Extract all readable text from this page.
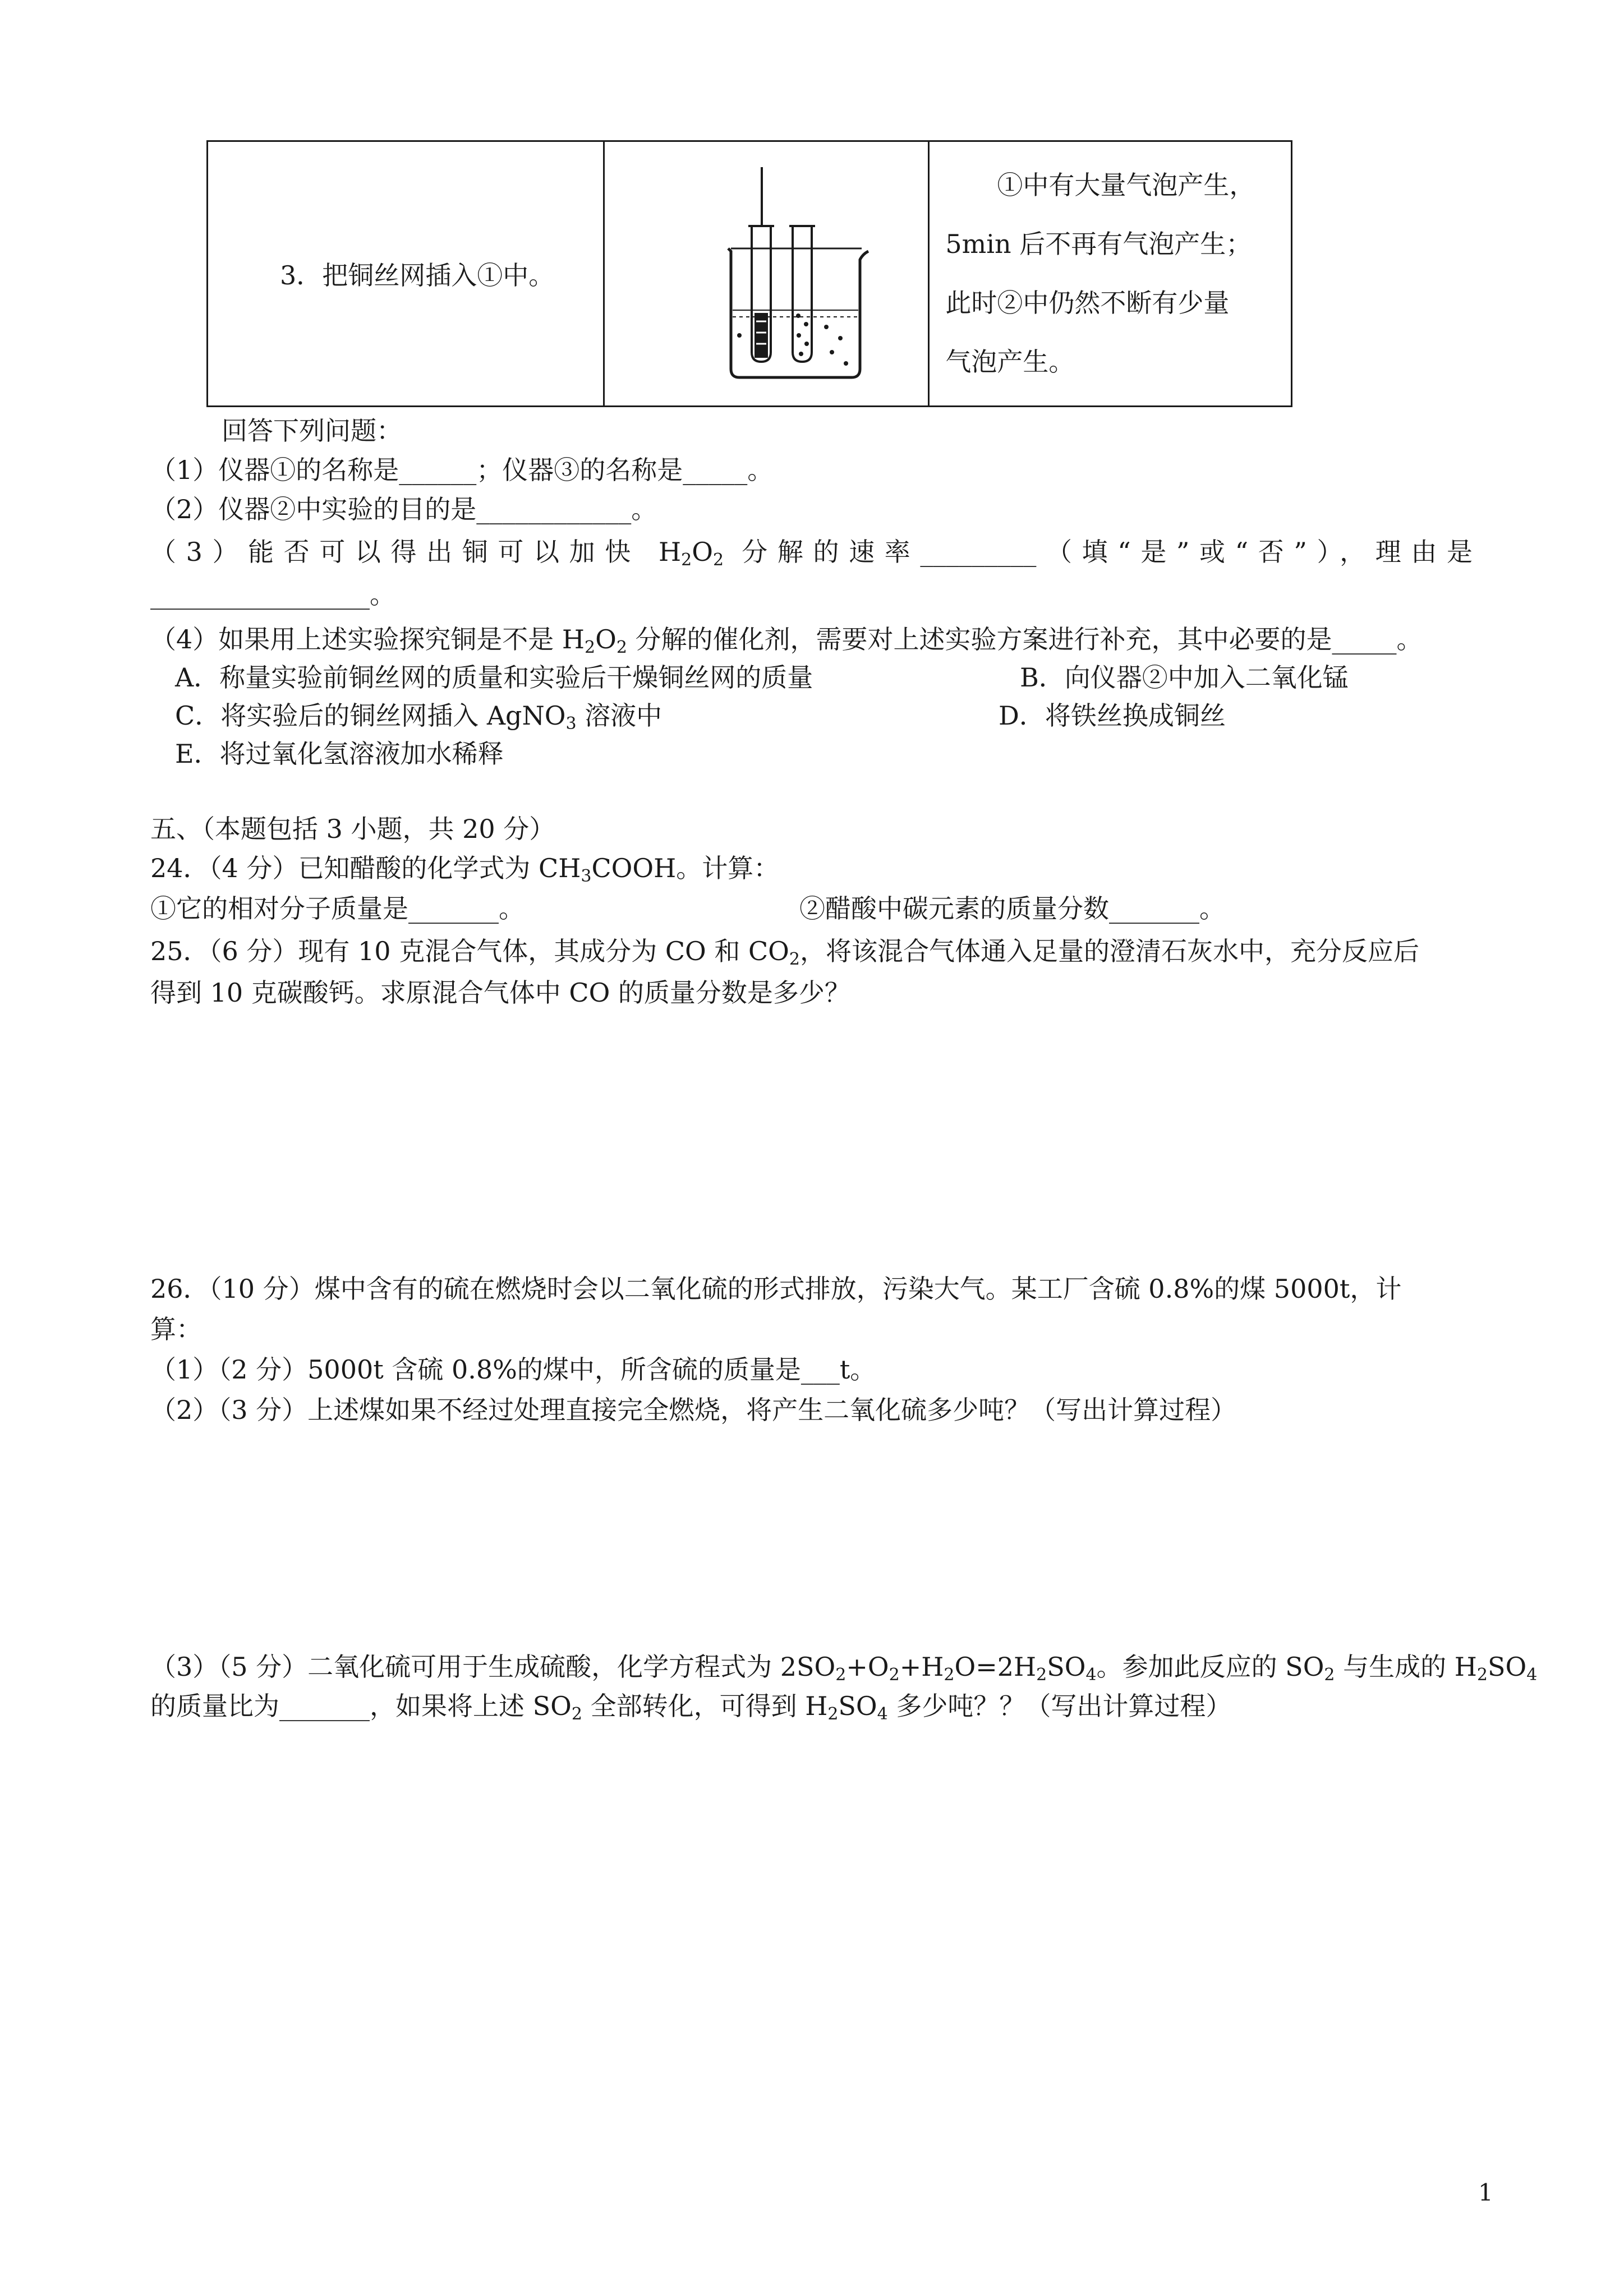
3．把铜丝网插入①中。

①中有大量气泡产生，
5min 后不再有气泡产生；
此时②中仍然不断有少量
气泡产生。
回答下列问题：
（1）仪器①的名称是______；仪器③的名称是_____。
（2）仪器②中实验的目的是____________。
（3）能否可以得出铜可以加快 $H_2O_2$ 分解的速率_________（填“是”或“否”），理由是
_________________。
（4）如果用上述实验探究铜是不是 $H_2O_2$ 分解的催化剂，需要对上述实验方案进行补充，其中必要的是_____。
A．称量实验前铜丝网的质量和实验后干燥铜丝网的质量	B．向仪器②中加入二氧化锰
C．将实验后的铜丝网插入 AgNO$_3$ 溶液中	D．将铁丝换成铜丝
E．将过氧化氢溶液加水稀释
五、（本题包括 3 小题，共 20 分）
24．（4 分）已知醋酸的化学式为 $CH_3COOH$。计算：
①它的相对分子质量是_______。	②醋酸中碳元素的质量分数_______。
25．（6 分）现有 10 克混合气体，其成分为 CO 和 $CO_2$，将该混合气体通入足量的澄清石灰水中，充分反应后
得到 10 克碳酸钙。求原混合气体中 CO 的质量分数是多少？
26．（10 分）煤中含有的硫在燃烧时会以二氧化硫的形式排放，污染大气。某工厂含硫 0.8%的煤 5000t，计
算：
（1）（2 分）5000t 含硫 0.8%的煤中，所含硫的质量是___t。
（2）（3 分）上述煤如果不经过处理直接完全燃烧，将产生二氧化硫多少吨？（写出计算过程）
（3）（5 分）二氧化硫可用于生成硫酸，化学方程式为 $2SO_2+O_2+H_2O=2H_2SO_4$。参加此反应的 $SO_2$ 与生成的 $H_2SO_4$
的质量比为_______，如果将上述 $SO_2$ 全部转化，可得到 $H_2SO_4$ 多少吨？？（写出计算过程）
1
